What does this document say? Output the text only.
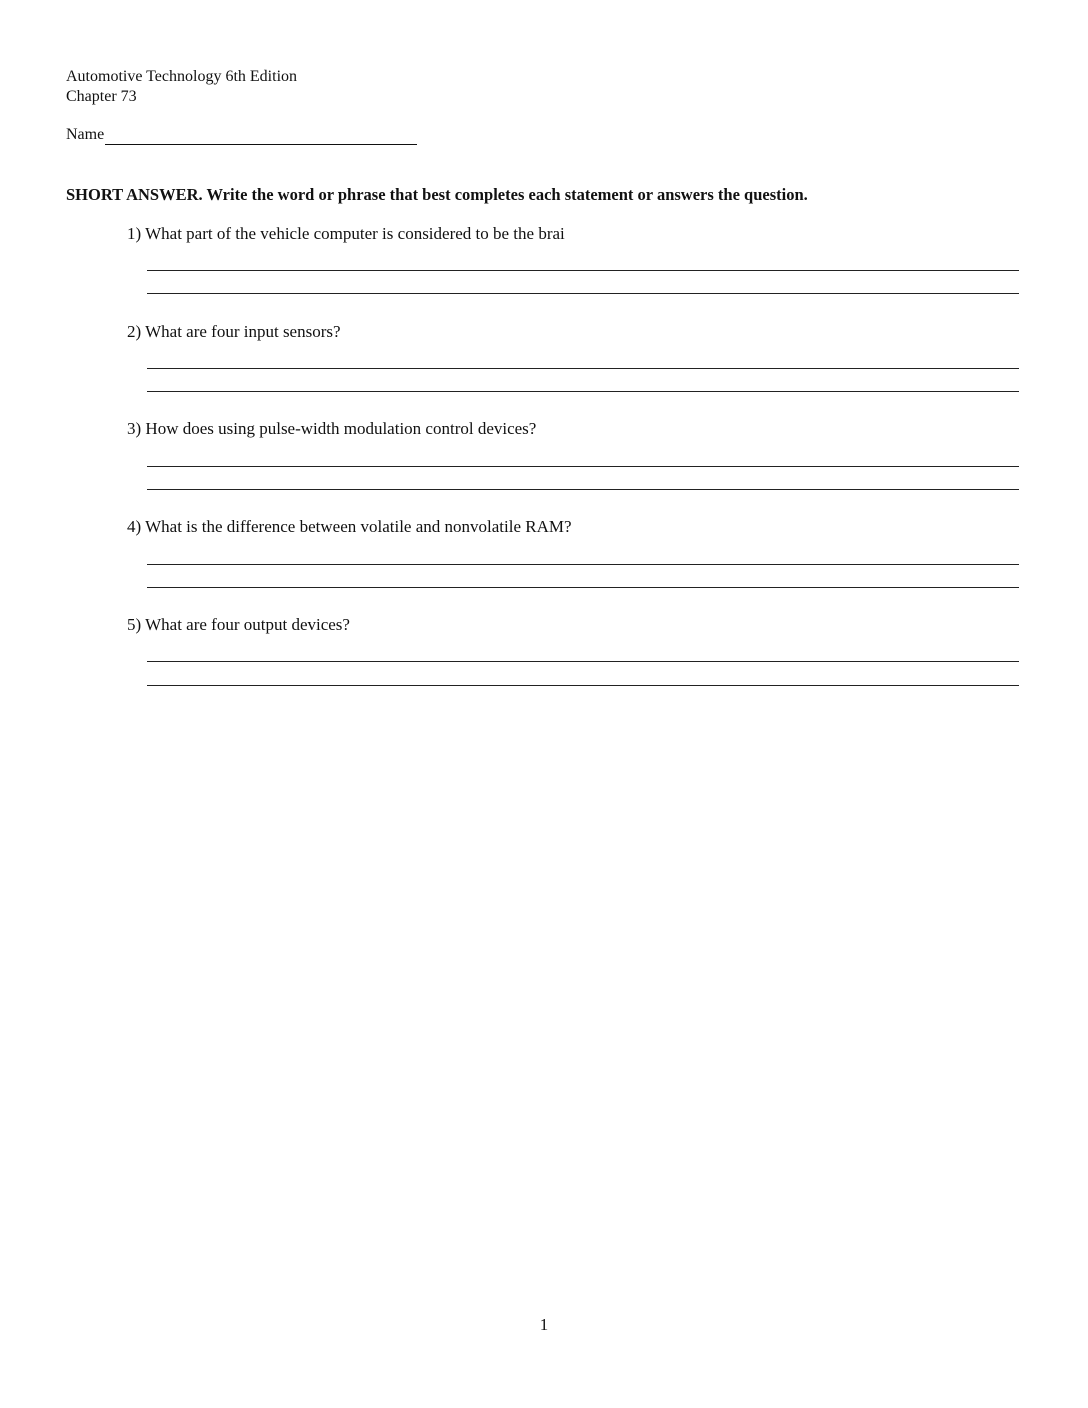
Automotive Technology 6th Edition
Chapter 73
Name
SHORT ANSWER. Write the word or phrase that best completes each statement or answers the question.
1) What part of the vehicle computer is considered to be the brai
2) What are four input sensors?
3) How does using pulse-width modulation control devices?
4) What is the difference between volatile and nonvolatile RAM?
5) What are four output devices?
1
